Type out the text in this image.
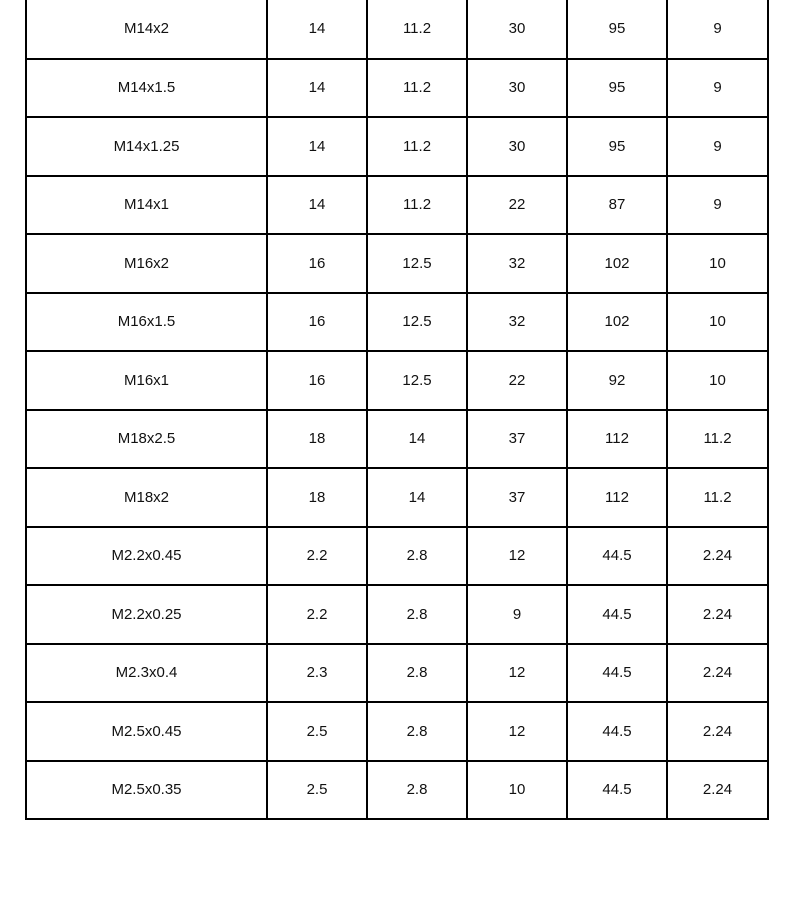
M14x2	14	11.2	30	95	9
M14x1.5	14	11.2	30	95	9
M14x1.25	14	11.2	30	95	9
M14x1	14	11.2	22	87	9
M16x2	16	12.5	32	102	10
M16x1.5	16	12.5	32	102	10
M16x1	16	12.5	22	92	10
M18x2.5	18	14	37	112	11.2
M18x2	18	14	37	112	11.2
M2.2x0.45	2.2	2.8	12	44.5	2.24
M2.2x0.25	2.2	2.8	9	44.5	2.24
M2.3x0.4	2.3	2.8	12	44.5	2.24
M2.5x0.45	2.5	2.8	12	44.5	2.24
M2.5x0.35	2.5	2.8	10	44.5	2.24
